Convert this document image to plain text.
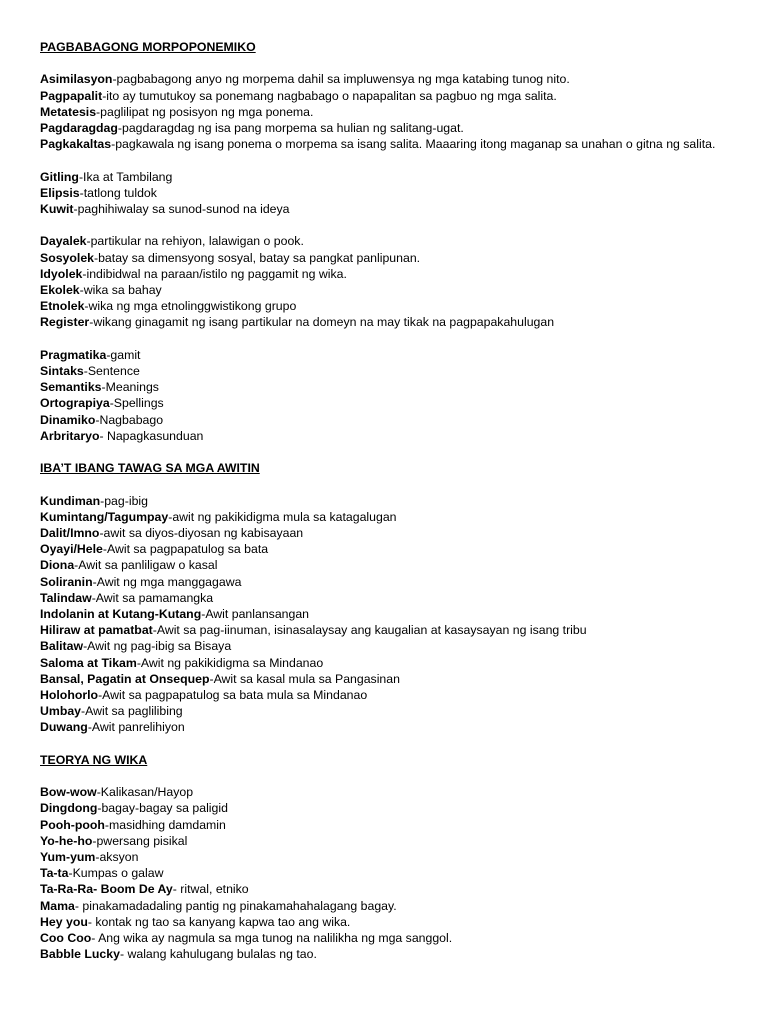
PAGBABAGONG MORPOPONEMIKO
Asimilasyon-pagbabagong anyo ng morpema dahil sa impluwensya ng mga katabing tunog nito.
Pagpapalit-ito ay tumutukoy sa ponemang nagbabago o napapalitan sa pagbuo ng mga salita.
Metatesis-paglilipat ng posisyon ng mga ponema.
Pagdaragdag-pagdaragdag ng isa pang morpema sa hulian ng salitang-ugat.
Pagkakaltas-pagkawala ng isang ponema o morpema sa isang salita. Maaaring itong maganap sa unahan o gitna ng salita.
Gitling-Ika at Tambilang
Elipsis-tatlong tuldok
Kuwit-paghihiwalay sa sunod-sunod na ideya
Dayalek-partikular na rehiyon, lalawigan o pook.
Sosyolek-batay sa dimensyong sosyal, batay sa pangkat panlipunan.
Idyolek-indibidwal na paraan/istilo ng paggamit ng wika.
Ekolek-wika sa bahay
Etnolek-wika ng mga etnolinggwistikong grupo
Register-wikang ginagamit ng isang partikular na domeyn na may tikak na pagpapakahulugan
Pragmatika-gamit
Sintaks-Sentence
Semantiks-Meanings
Ortograpiya-Spellings
Dinamiko-Nagbabago
Arbritaryo- Napagkasunduan
IBA’T IBANG TAWAG SA MGA AWITIN
Kundiman-pag-ibig
Kumintang/Tagumpay-awit ng pakikidigma mula sa katagalugan
Dalit/Imno-awit sa diyos-diyosan ng kabisayaan
Oyayi/Hele-Awit sa pagpapatulog sa bata
Diona-Awit sa panliligaw o kasal
Soliranin-Awit ng mga manggagawa
Talindaw-Awit sa pamamangka
Indolanin at Kutang-Kutang-Awit panlansangan
Hiliraw at pamatbat-Awit sa pag-iinuman, isinasalaysay ang kaugalian at kasaysayan ng isang tribu
Balitaw-Awit ng pag-ibig sa Bisaya
Saloma at Tikam-Awit ng pakikidigma sa Mindanao
Bansal, Pagatin at Onsequep-Awit sa kasal mula sa Pangasinan
Holohorlo-Awit sa pagpapatulog sa bata mula sa Mindanao
Umbay-Awit sa paglilibing
Duwang-Awit panrelihiyon
TEORYA NG WIKA
Bow-wow-Kalikasan/Hayop
Dingdong-bagay-bagay sa paligid
Pooh-pooh-masidhing damdamin
Yo-he-ho-pwersang pisikal
Yum-yum-aksyon
Ta-ta-Kumpas o galaw
Ta-Ra-Ra- Boom De Ay- ritwal, etniko
Mama- pinakamadadaling pantig ng pinakamahahalagang bagay.
Hey you- kontak ng tao sa kanyang kapwa tao ang wika.
Coo Coo- Ang wika ay nagmula sa mga tunog na nalilikha ng mga sanggol.
Babble Lucky- walang kahulugang bulalas ng tao.
